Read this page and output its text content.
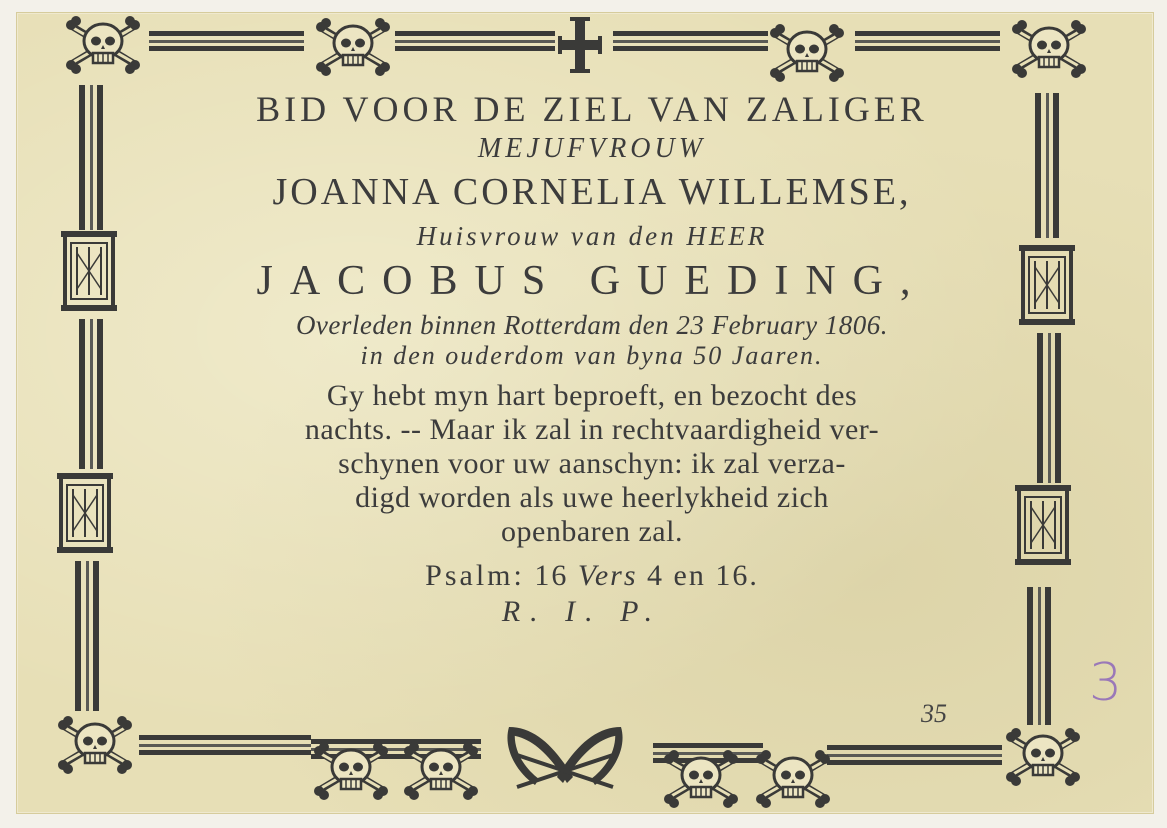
BID VOOR DE ZIEL VAN ZALIGER

MEJUFVROUW

JOANNA CORNELIA WILLEMSE,

Huisvrouw van den HEER

JACOBUS GUEDING,

Overleden binnen Rotterdam den 23 February 1806.

in den ouderdom van byna 50 Jaaren.

Gy hebt myn hart beproeft, en bezocht des

nachts. -- Maar ik zal in rechtvaardigheid ver-

schynen voor uw aanschyn: ik zal verza-

digd worden als uwe heerlykheid zich

openbaren zal.

Psalm: 16 Vers 4 en 16.

R. I. P.

35
3
